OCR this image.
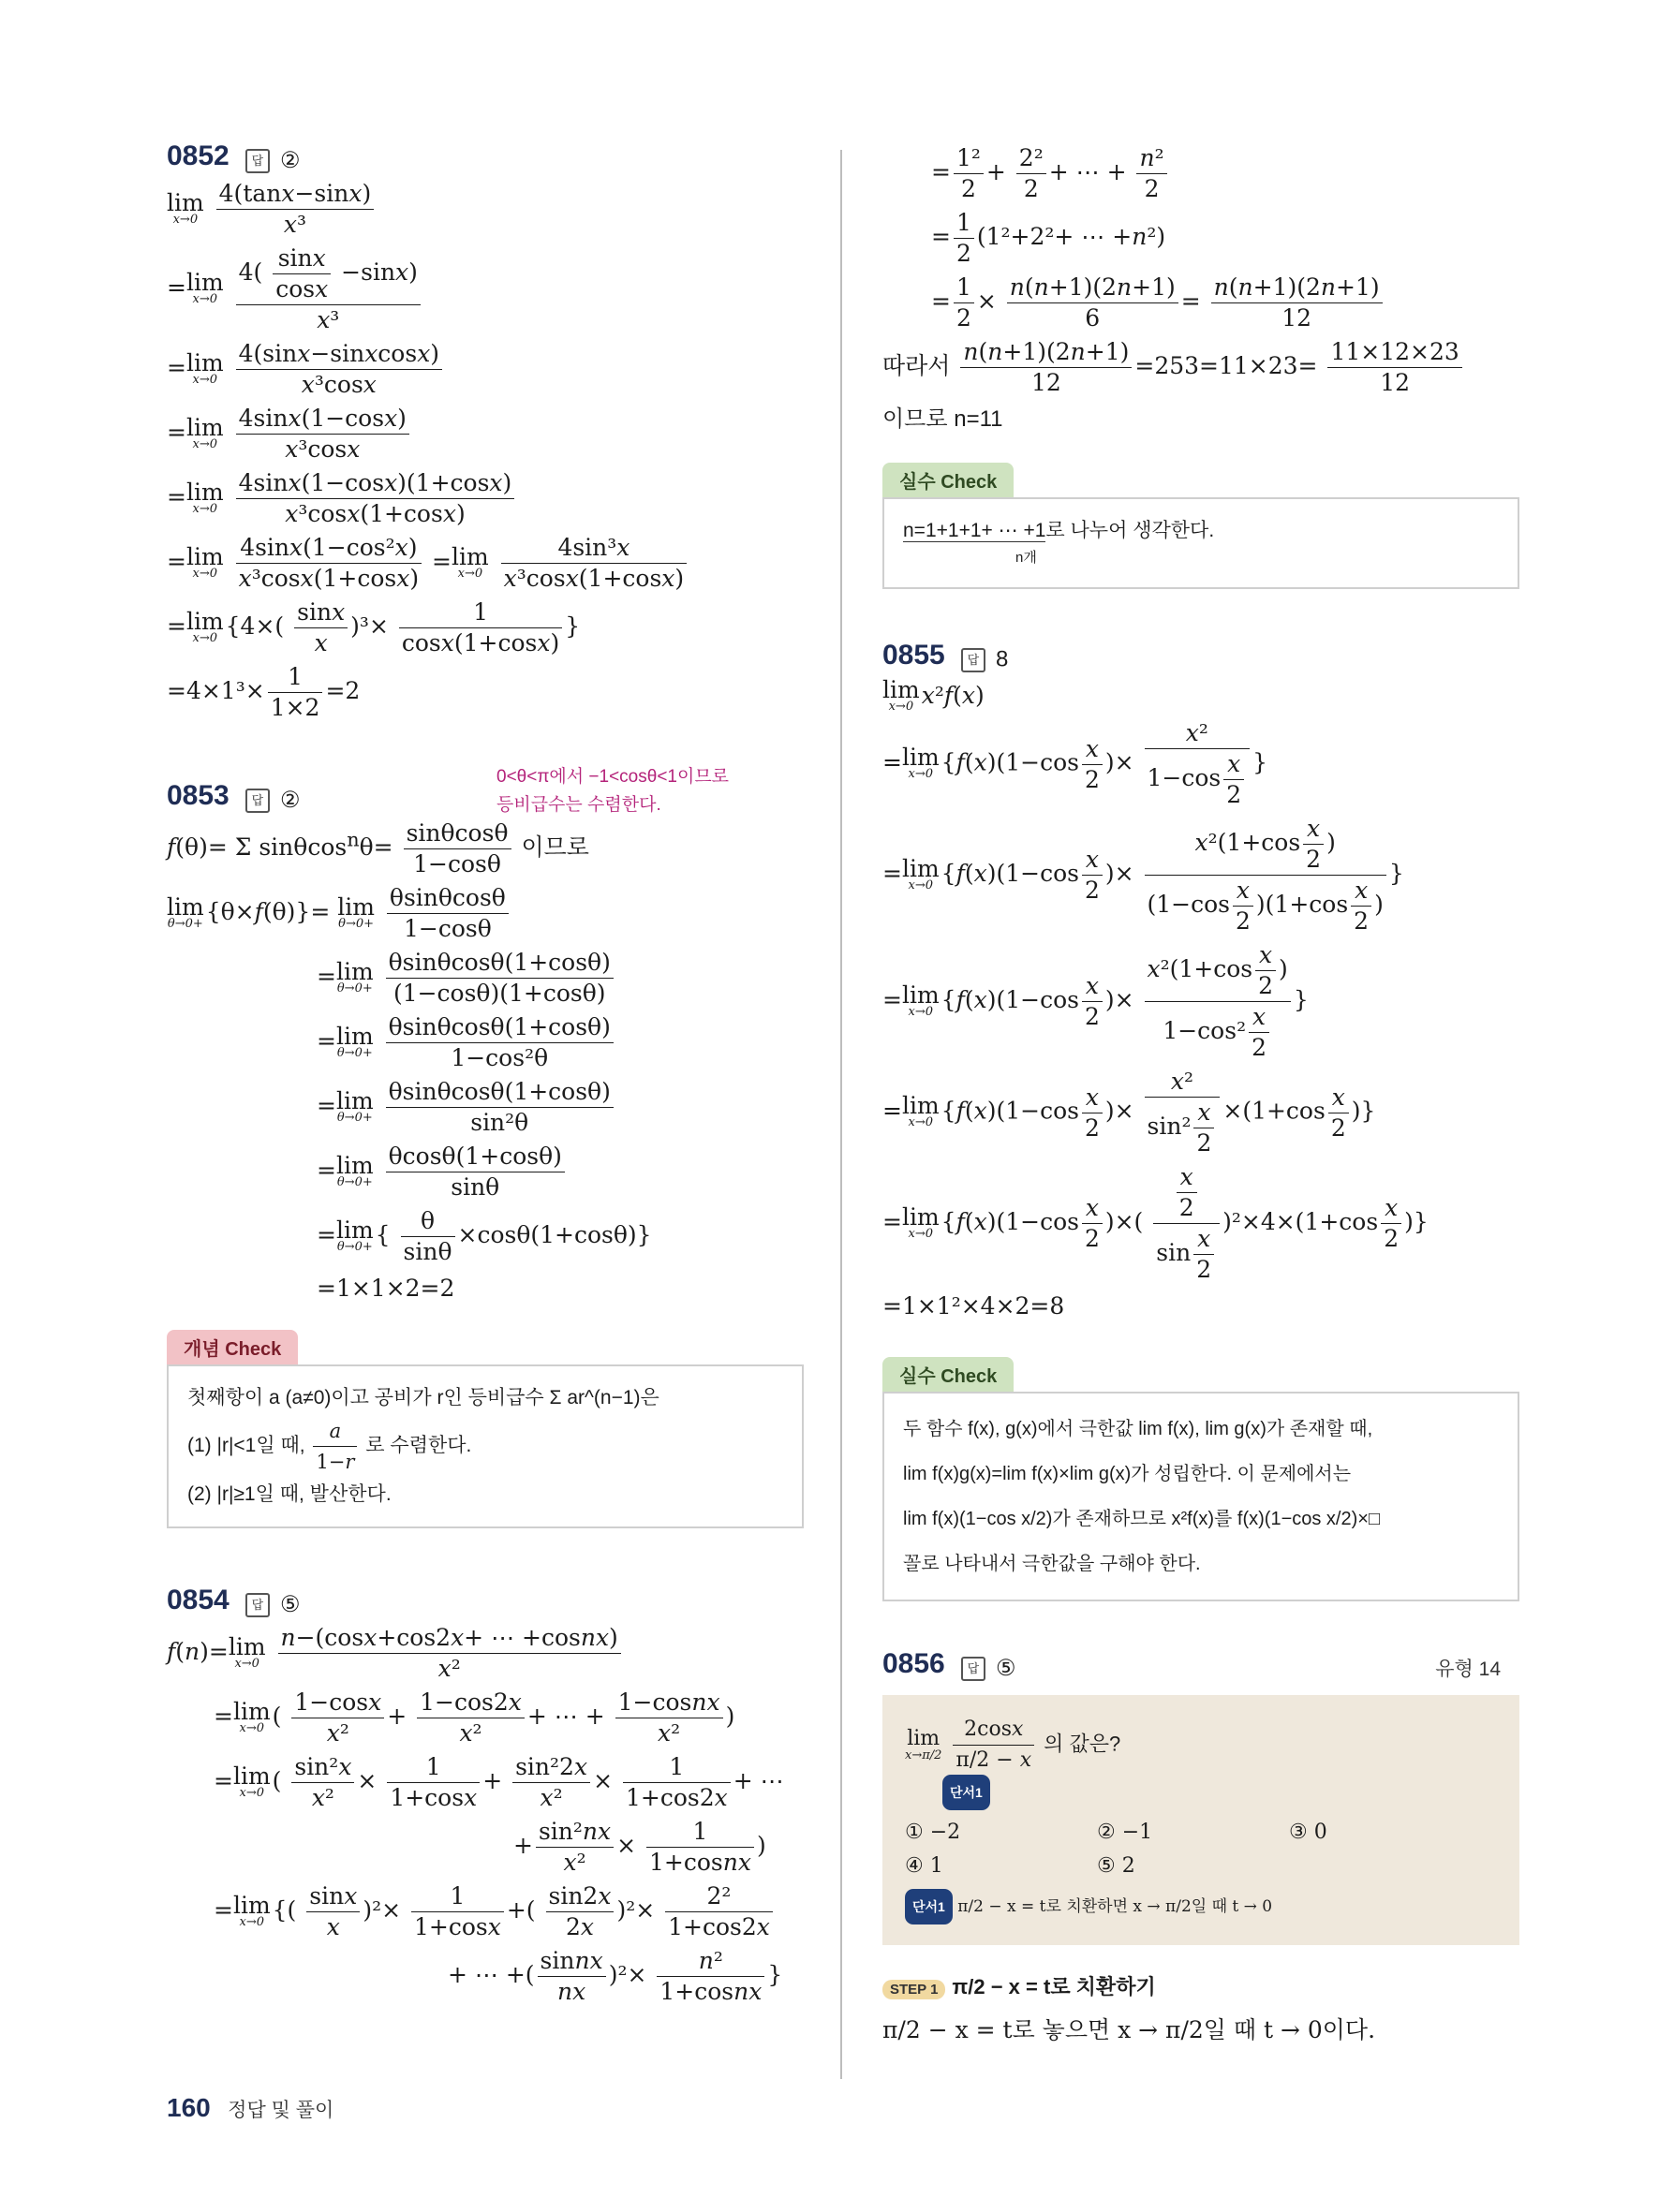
0852 답 ②
lim
x→0
$\frac{4(\tan x-\sin x)}{\text{x³}}$
=lim
x→0
$\frac{4( \frac{\sin x}{\cos x} -\sin x)}{\text{x³}}$
=lim
x→0
$\frac{\text{4(sinx−sinxcosx)}}{\text{x³cosx}}$
=lim
x→0
$\frac{4\sin x(1-\cos x)}{\text{x³cosx}}$
=lim
x→0
$\frac{4\sin x(1-\cos x)(1+\cos x)}{\text{x³cosx(1+cosx)}}$
=lim
x→0
$\frac{\text{4sinx(1−cos²x)}}{\text{x³cosx(1+cosx)}} =\lim$
x→0
$\frac{\text{4sin³x}}{\text{x³cosx(1+cosx)}}$
=lim
x→0 {$4\times( \frac{\sin x}{x} )^3\times \frac{1}{\cos x(1+\cos x)}$ }
$=4\times 1^3\times \frac{1}{1\times 2} =2$
0<θ<π에서 −1<cosθ<1이므로
등비급수는 수렴한다.
0853 답 ②
f(θ)= Σ $\sin\theta\cos^n\theta= \frac{\sin\theta\cos\theta}{1-\cos\theta}$ 이므로
lim
θ→0+ {θ×f(θ)}= lim
θ→0+
$\frac{\theta\sin\theta\cos\theta}{1-\cos\theta}$
=lim
θ→0+
$\frac{\theta\sin\theta\cos\theta(1+\cos\theta)}{(1-\cos\theta)(1+\cos\theta)}$
=lim
θ→0+
$\frac{\theta\sin\theta\cos\theta(1+\cos\theta)}{\text{1−cos²θ}}$
=lim
θ→0+
$\frac{\theta\sin\theta\cos\theta(1+\cos\theta)}{\text{sin²θ}}$
=lim
θ→0+
$\frac{\theta\cos\theta(1+\cos\theta)}{\sin\theta}$
=lim
θ→0+ { $\frac{\theta}{\sin\theta} \times\cos\theta(1+\cos\theta)$}
=1×1×2=2
개념 Check
첫째항이 a (a≠0)이고 공비가 r인 등비급수 Σ ar^(n−1)은
(1) |r|<1일 때, $\frac{a}{1-r}$ 로 수렴한다.
(2) |r|≥1일 때, 발산한다.
0854 답 ⑤
f(n)=lim
x→0
$\frac{\text{n−(cosx+cos2x+ ⋯ +cosnx)}}{\text{x²}}$
=lim
x→0 ( $\frac{1-\cos x}{\text{x²}} + \frac{1-\cos 2x}{\text{x²}}$ + ⋯ + $\frac{\text{1−cosnx}}{\text{x²}}$ )
=lim
x→0 ( $\frac{\text{sin²x}}{\text{x²}} \times \frac{1}{1+\cos x} + \frac{\text{sin²2x}}{\text{x²}} \times \frac{1}{1+\cos 2x}$ + ⋯
+ $\frac{\text{sin²nx}}{\text{x²}} \times \frac{1}{\text{1+cosnx}}$ )
=lim
x→0 {( $\frac{\sin x}{x} )^2\times \frac{1}{1+\cos x}$ +( $\frac{\sin 2x}{2x} )^2\times \frac{\text{2²}}{1+\cos 2x}$
+ ⋯ +( $\frac{\text{sinnx}}{nx} )^2\times \frac{\text{n²}}{\text{1+cosnx}}$ }
= $\frac{\text{1²}}{2} + \frac{\text{2²}}{2}$ + ⋯ + $\frac{\text{n²}}{2}$
= $\frac{1}{2} (1^2+2^2+$ ⋯ +n²)
= $\frac{1}{2} \times \frac{n(n+1)(2n+1)}{6} = \frac{n(n+1)(2n+1)}{12}$
따라서 $\frac{n(n+1)(2n+1)}{12} =253=11\times 23= \frac{11\times 12\times 23}{12}$
이므로 n=11
실수 Check
n=1+1+1+ ⋯ +1로 나누어 생각한다.
n개
0855 답 8
lim
x→0 x²f(x)
=lim
x→0 {$f(x)(1-\cos \frac{x}{2}$ )× $\frac{\text{x²}}{1-\cos \frac{x}{2}}$ }
=lim
x→0 {$f(x)(1-\cos \frac{x}{2}$ )× $\frac{x^2(1+\cos \frac{x}{2} )}{(1-\cos \frac{x}{2} )(1+\cos \frac{x}{2} )}$ }
=lim
x→0 {$f(x)(1-\cos \frac{x}{2}$ )× $\frac{x^2(1+\cos \frac{x}{2} )}{1-\cos^2 \frac{x}{2}}$ }
=lim
x→0 {$f(x)(1-\cos \frac{x}{2}$ )× $\frac{\text{x²}}{\sin^2 \frac{x}{2}} \times(1+\cos \frac{x}{2}$ )}
=lim
x→0 {$f(x)(1-\cos \frac{x}{2}$ )×( $\frac{\frac{x}{2}}{\sin \frac{x}{2}} )^2\times 4\times(1+\cos \frac{x}{2}$ )}
=1×1²×4×2=8
실수 Check
두 함수 f(x), g(x)에서 극한값 lim f(x), lim g(x)가 존재할 때,
lim f(x)g(x)=lim f(x)×lim g(x)가 성립한다. 이 문제에서는
lim f(x)(1−cos x/2)가 존재하므로 x²f(x)를 f(x)(1−cos x/2)×□
꼴로 나타내서 극한값을 구해야 한다.
0856 답 ⑤	유형 14
lim
x→π/2
$\frac{2\cos x}{\pi/2 - x}$ 의 값은?
단서1
① −2	② −1	③ 0
④ 1	⑤ 2
단서1 π/2 − x = t로 치환하면 x → π/2일 때 t → 0
STEP 1 π/2 − x = t로 치환하기
π/2 − x = t로 놓으면 x → π/2일 때 t → 0이다.
160 정답 및 풀이
